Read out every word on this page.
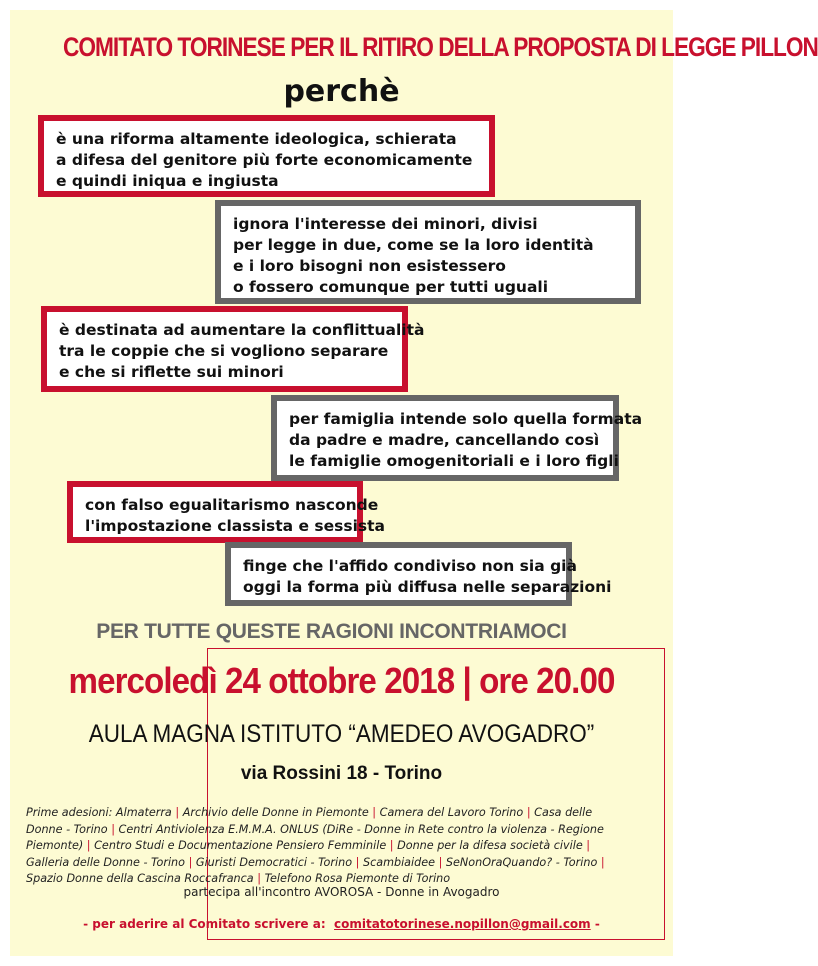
COMITATO TORINESE PER IL RITIRO DELLA PROPOSTA DI LEGGE PILLON
perchè
è una riforma altamente ideologica, schierata
a difesa del genitore più forte economicamente
e quindi iniqua e ingiusta
ignora l'interesse dei minori, divisi
per legge in due, come se la loro identità
e i loro bisogni non esistessero
o fossero comunque per tutti uguali
è destinata ad aumentare la conflittualità
tra le coppie che si vogliono separare
e che si riflette sui minori
per famiglia intende solo quella formata
da padre e madre, cancellando così
le famiglie omogenitoriali e i loro figli
con falso egualitarismo nasconde
l'impostazione classista e sessista
finge che l'affido condiviso non sia già
oggi la forma più diffusa nelle separazioni
PER TUTTE QUESTE RAGIONI INCONTRIAMOCI
mercoledì 24 ottobre 2018 | ore 20.00
AULA MAGNA ISTITUTO “AMEDEO AVOGADRO”
via Rossini 18 - Torino
Prime adesioni: Almaterra | Archivio delle Donne in Piemonte | Camera del Lavoro Torino | Casa delle
Donne - Torino | Centri Antiviolenza E.M.M.A. ONLUS (DiRe - Donne in Rete contro la violenza - Regione
Piemonte) | Centro Studi e Documentazione Pensiero Femminile | Donne per la difesa società civile |
Galleria delle Donne - Torino | Giuristi Democratici - Torino | Scambiaidee | SeNonOraQuando? - Torino |
Spazio Donne della Cascina Roccafranca | Telefono Rosa Piemonte di Torino
partecipa all'incontro AVOROSA - Donne in Avogadro
- per aderire al Comitato scrivere a: comitatotorinese.nopillon@gmail.com -
